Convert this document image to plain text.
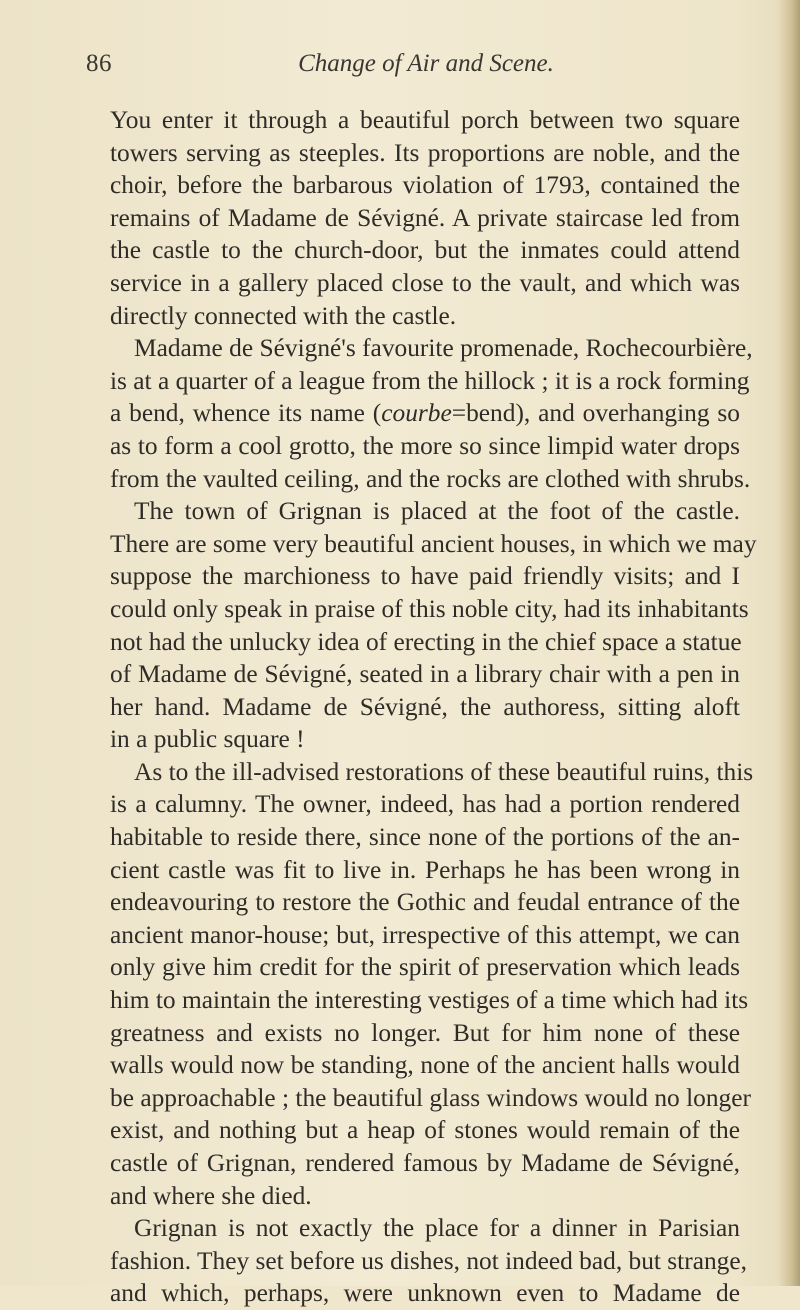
86	Change of Air and Scene.
You enter it through a beautiful porch between two square
towers serving as steeples. Its proportions are noble, and the
choir, before the barbarous violation of 1793, contained the
remains of Madame de Sévigné. A private staircase led from
the castle to the church-door, but the inmates could attend
service in a gallery placed close to the vault, and which was
directly connected with the castle.
Madame de Sévigné's favourite promenade, Rochecourbière,
is at a quarter of a league from the hillock ; it is a rock forming
a bend, whence its name (courbe=bend), and overhanging so
as to form a cool grotto, the more so since limpid water drops
from the vaulted ceiling, and the rocks are clothed with shrubs.
The town of Grignan is placed at the foot of the castle.
There are some very beautiful ancient houses, in which we may
suppose the marchioness to have paid friendly visits; and I
could only speak in praise of this noble city, had its inhabitants
not had the unlucky idea of erecting in the chief space a statue
of Madame de Sévigné, seated in a library chair with a pen in
her hand. Madame de Sévigné, the authoress, sitting aloft
in a public square !
As to the ill-advised restorations of these beautiful ruins, this
is a calumny. The owner, indeed, has had a portion rendered
habitable to reside there, since none of the portions of the an-
cient castle was fit to live in. Perhaps he has been wrong in
endeavouring to restore the Gothic and feudal entrance of the
ancient manor-house; but, irrespective of this attempt, we can
only give him credit for the spirit of preservation which leads
him to maintain the interesting vestiges of a time which had its
greatness and exists no longer. But for him none of these
walls would now be standing, none of the ancient halls would
be approachable ; the beautiful glass windows would no longer
exist, and nothing but a heap of stones would remain of the
castle of Grignan, rendered famous by Madame de Sévigné,
and where she died.
Grignan is not exactly the place for a dinner in Parisian
fashion. They set before us dishes, not indeed bad, but strange,
and which, perhaps, were unknown even to Madame de
